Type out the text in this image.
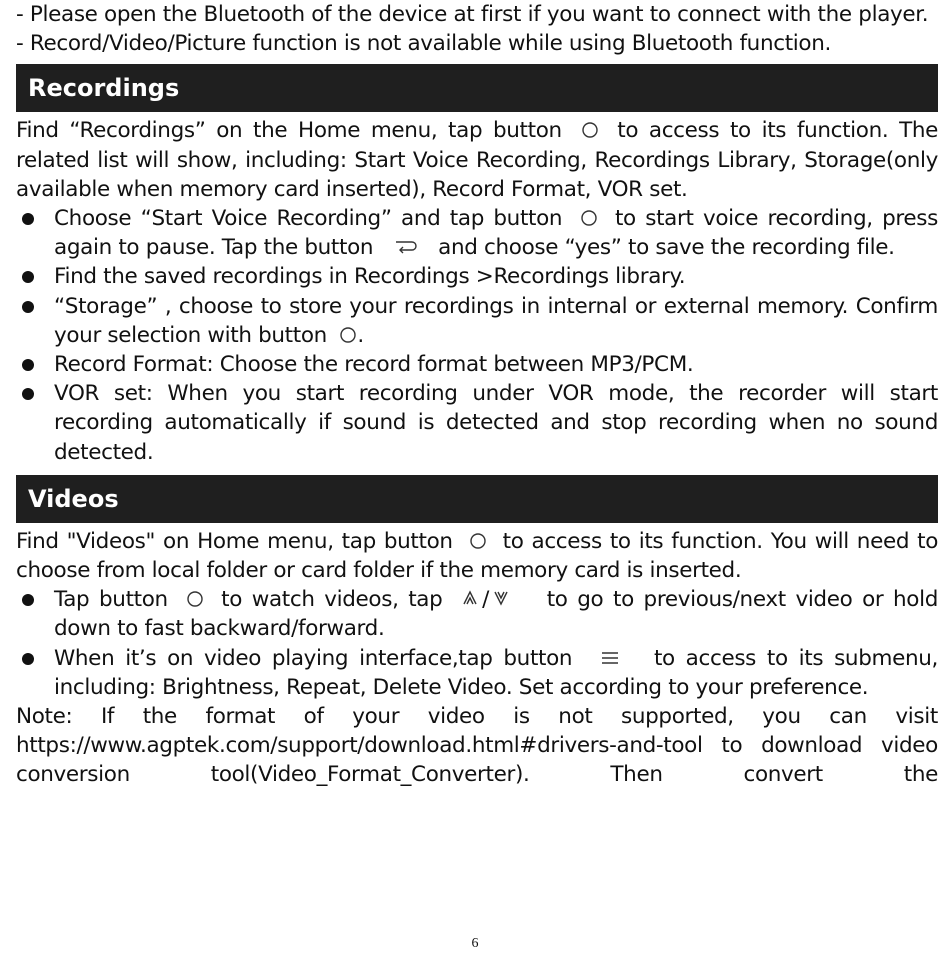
- Please open the Bluetooth of the device at first if you want to connect with the player.

- Record/Video/Picture function is not available while using Bluetooth function.

Recordings

Find “Recordings” on the Home menu, tap button	to access to its function. The related list will show, including: Start Voice Recording, Recordings Library, Storage(only available when memory card inserted), Record Format, VOR set.

Choose “Start Voice Recording” and tap button to start voice recording, press again to pause. Tap the button	and choose “yes” to save the recording file.
Find the saved recordings in Recordings >Recordings library.
“Storage” , choose to store your recordings in internal or external memory. Confirm your selection with button .
Record Format: Choose the record format between MP3/PCM.
VOR set: When you start recording under VOR mode, the recorder will start recording automatically if sound is detected and stop recording when no sound detected.
Videos

Find "Videos" on Home menu, tap button to access to its function. You will need to choose from local folder or card folder if the memory card is inserted.

Tap button to watch videos, tap /	to go to previous/next video or hold down to fast backward/forward.
When it’s on video playing interface,tap button	to access to its submenu, including: Brightness, Repeat, Delete Video. Set according to your preference.

Note: If the format of your video is not supported, you can visit https://www.agptek.com/support/download.html#drivers-and-tool to download video conversion tool(Video_Format_Converter). Then convert the

6
